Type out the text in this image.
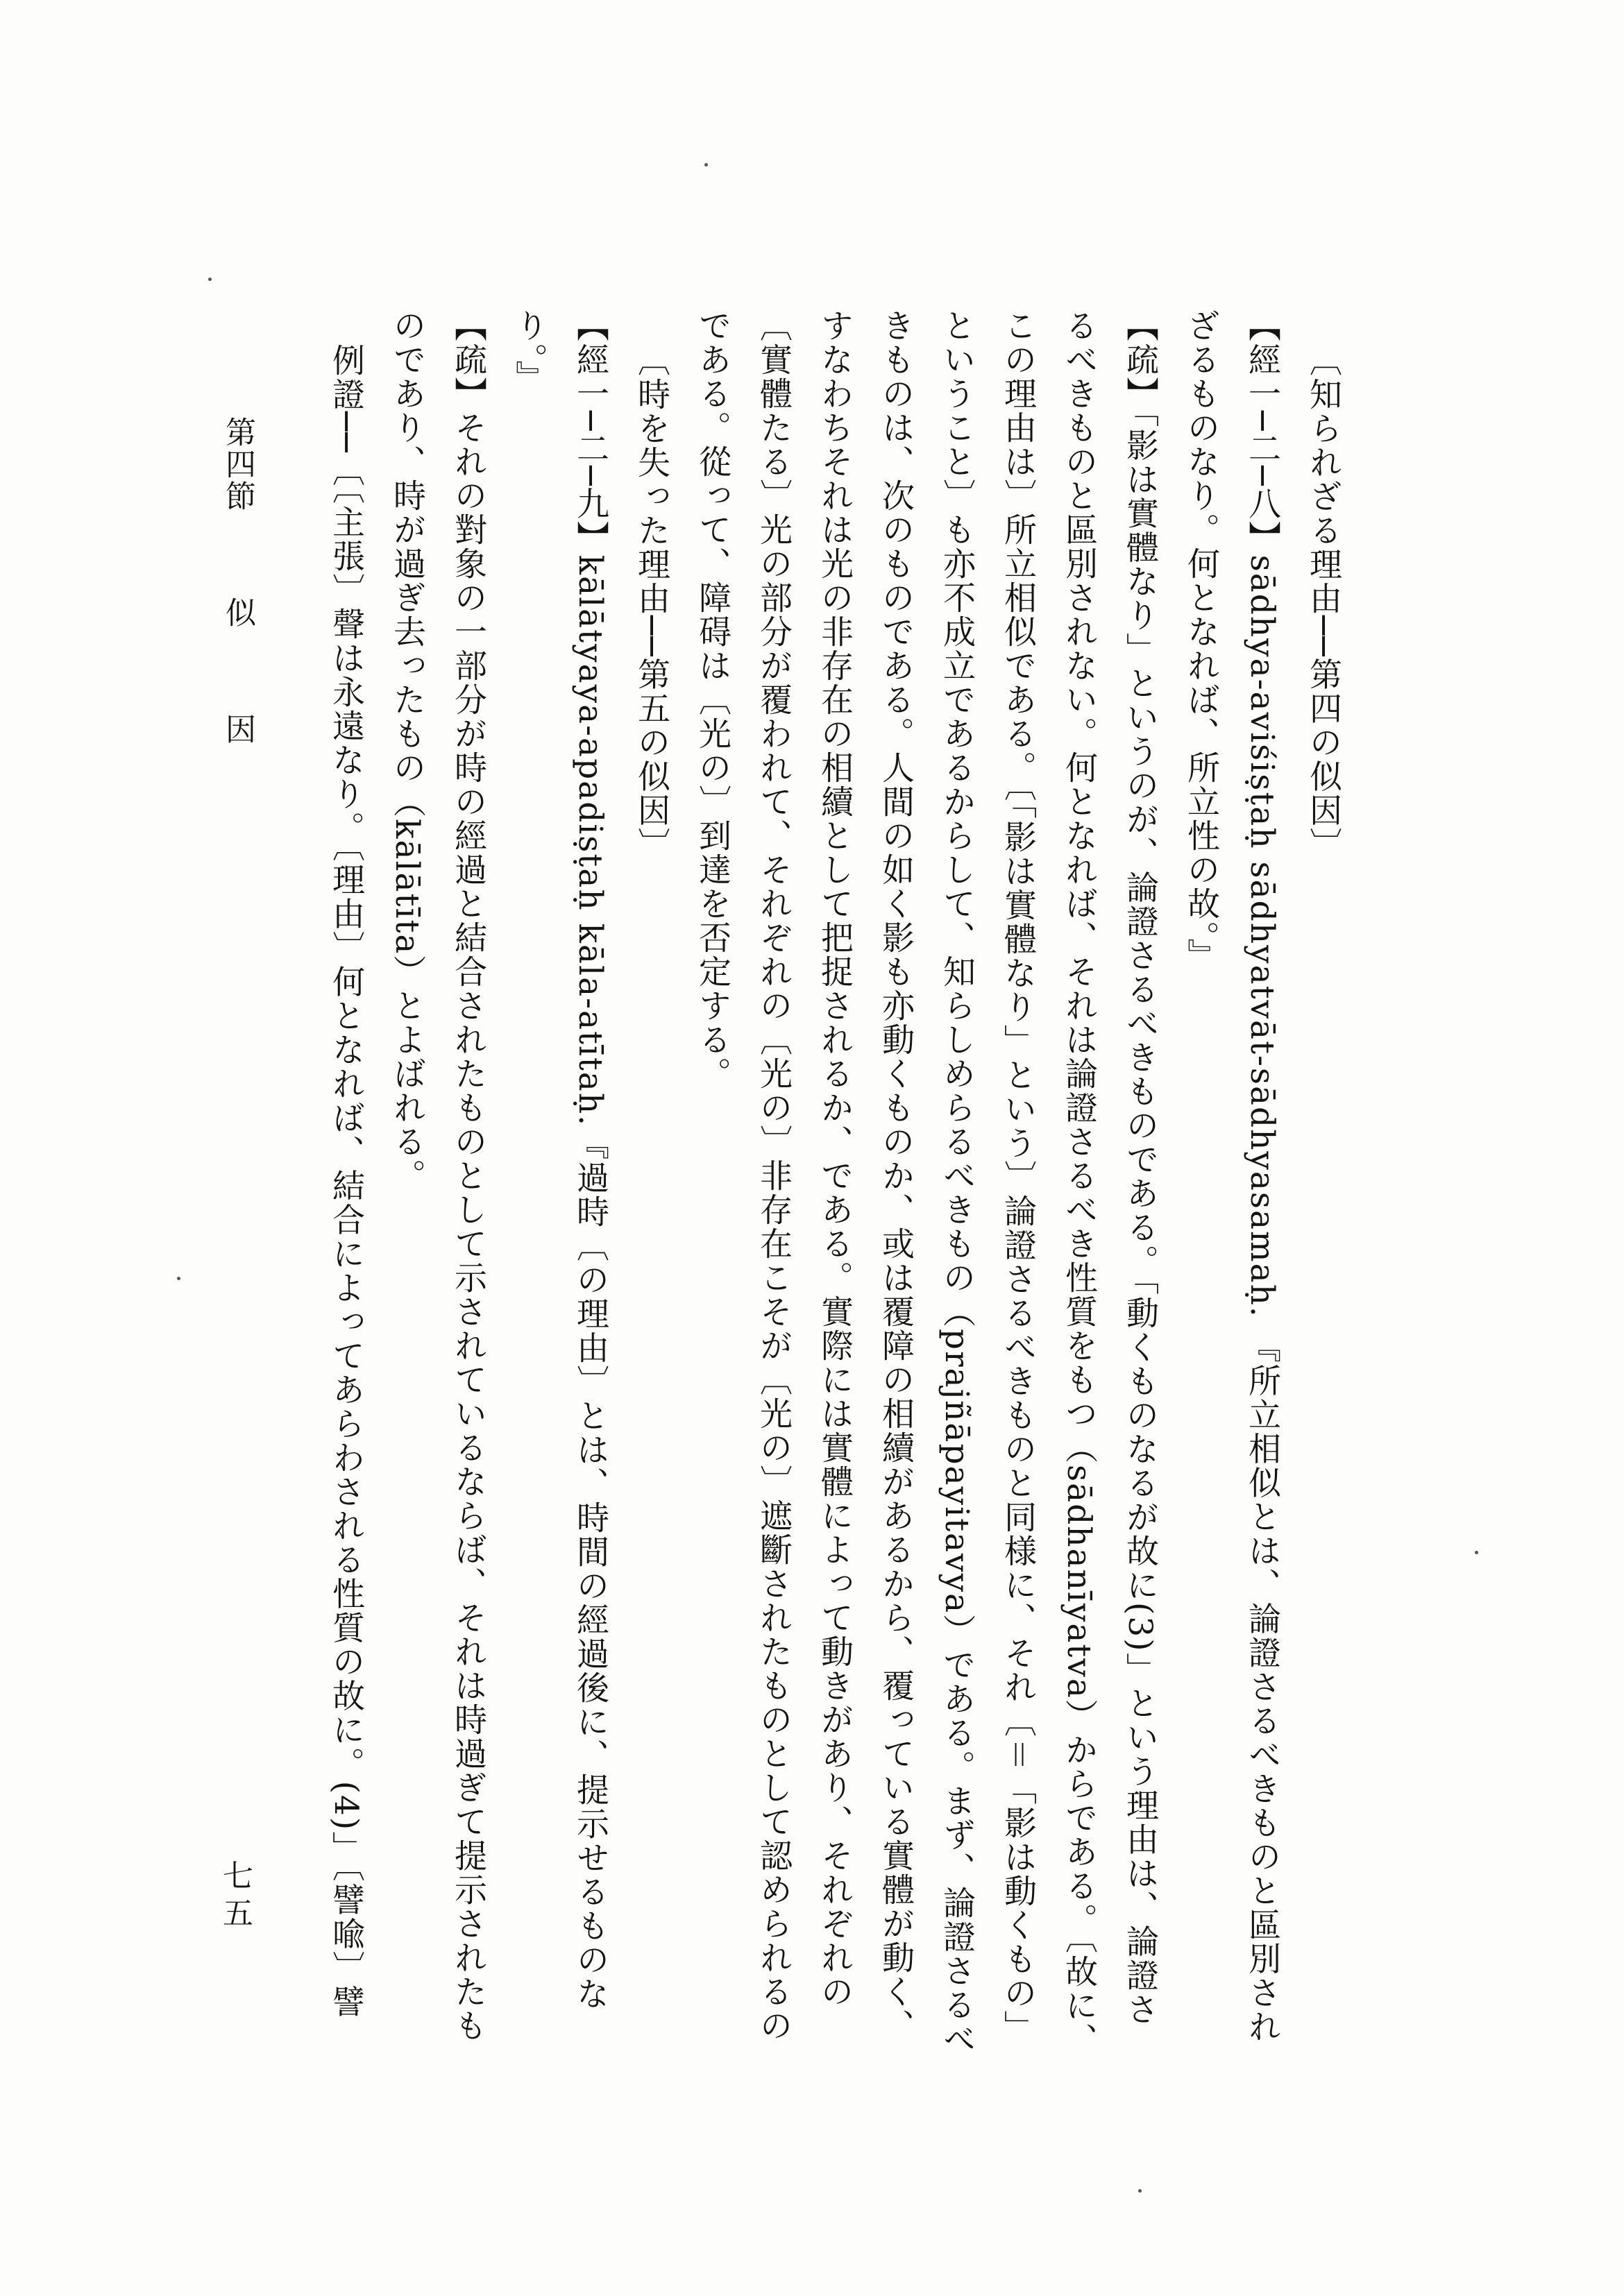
〔知られざる理由──第四の似因〕
【經一─二─八】sādhya-aviśiṣṭaḥ sādhyatvāt-sādhyasamaḥ. 『所立相似とは、論證さるべきものと區別され
ざるものなり。何となれば、所立性の故。』
【疏】「影は實體なり」というのが、論證さるべきものである。「動くものなるが故に(3)」という理由は、論證さ
るべきものと區別されない。何となれば、それは論證さるべき性質をもつ（sādhanīyatva）からである。〔故に、
この理由は〕所立相似である。〔「影は實體なり」という〕論證さるべきものと同様に、それ〔＝「影は動くもの」
ということ〕も亦不成立であるからして、知らしめらるべきもの（prajñāpayitavya）である。まず、論證さるべ
きものは、次のものである。人間の如く影も亦動くものか、或は覆障の相續があるから、覆っている實體が動く、
すなわちそれは光の非存在の相續として把捉されるか、である。實際には實體によって動きがあり、それぞれの
〔實體たる〕光の部分が覆われて、それぞれの〔光の〕非存在こそが〔光の〕遮斷されたものとして認められるの
である。從って、障碍は〔光の〕到達を否定する。
〔時を失った理由──第五の似因〕
【經一─二─九】kālātyaya-apadiṣṭaḥ kāla-atītaḥ.『過時〔の理由〕とは、時間の經過後に、提示せるものな
り。』
【疏】それの對象の一部分が時の經過と結合されたものとして示されているならば、それは時過ぎて提示されたも
のであり、時が過ぎ去ったもの（kālātīta）とよばれる。
例證──〔〔主張〕聲は永遠なり。〔理由〕何となれば、結合によってあらわされる性質の故に。(4)」〔譬喩〕譬
第四節  似  因
七五
